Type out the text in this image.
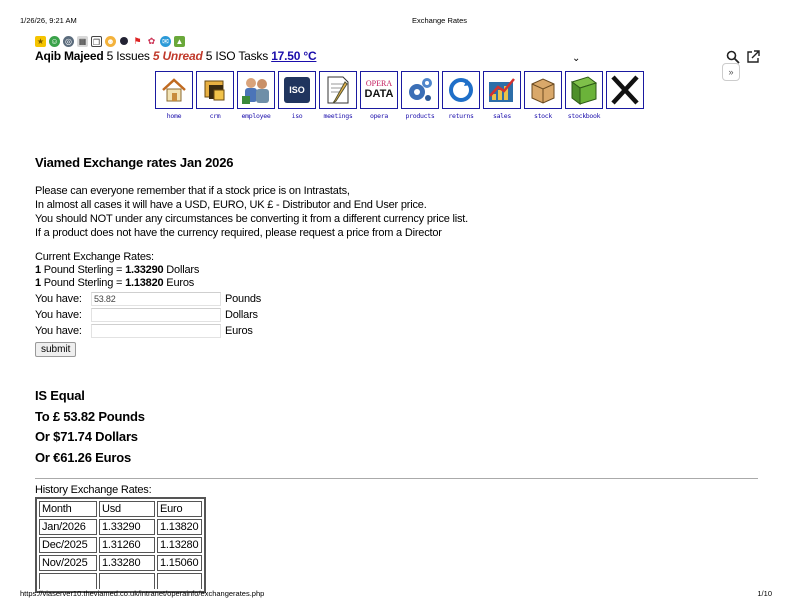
1/26/26, 9:21 AM	Exchange Rates
★ ☺ ◎ ▦ ❐ ☻ ⚑ ✿ ✉ ▲
Aqib Majeed 5 Issues 5 Unread 5 ISO Tasks 17.50 °C	⌄
»
home	crm	employee
ISO
iso	meetings
OPERA
DATA
opera	products	returns	sales	stock	stockbook
Viamed Exchange rates Jan 2026

Please can everyone remember that if a stock price is on Intrastats,

In almost all cases it will have a USD, EURO, UK £ - Distributor and End User price.

You should NOT under any circumstances be converting it from a different currency price list.

If a product does not have the currency required, please request a price from a Director

Current Exchange Rates:
1 Pound Sterling = 1.33290 Dollars
1 Pound Sterling = 1.13820 Euros
You have:	53.82	Pounds
You have:	Dollars
You have:	Euros
submit
IS Equal
To £ 53.82 Pounds
Or $71.74 Dollars
Or €61.26 Euros
History Exchange Rates:
Month	Usd	Euro
Jan/2026	1.33290	1.13820
Dec/2025	1.31260	1.13280
Nov/2025	1.33280	1.15060

https://viaserver10.theviamed.co.uk/intranet/operainfo/exchangerates.php	1/10
